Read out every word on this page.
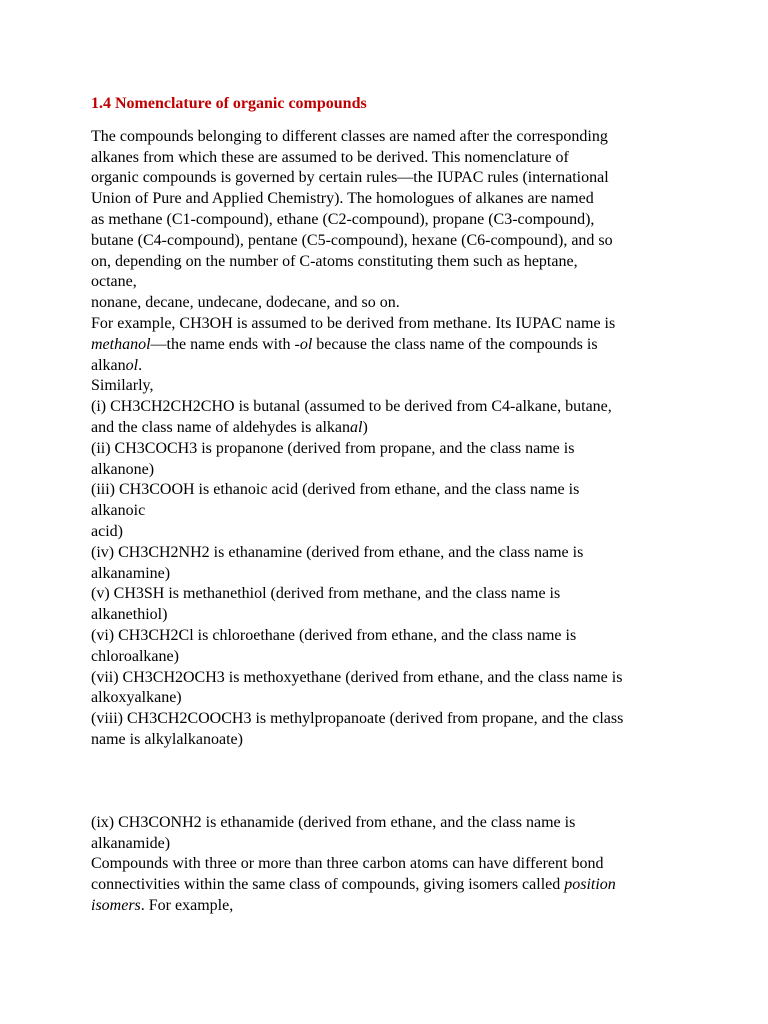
1.4 Nomenclature of organic compounds
The compounds belonging to different classes are named after the corresponding
alkanes from which these are assumed to be derived. This nomenclature of
organic compounds is governed by certain rules—the IUPAC rules (international
Union of Pure and Applied Chemistry). The homologues of alkanes are named
as methane (C1-compound), ethane (C2-compound), propane (C3-compound),
butane (C4-compound), pentane (C5-compound), hexane (C6-compound), and so
on, depending on the number of C-atoms constituting them such as heptane,
octane,
nonane, decane, undecane, dodecane, and so on.
For example, CH3OH is assumed to be derived from methane. Its IUPAC name is
methanol—the name ends with -ol because the class name of the compounds is
alkanol.
Similarly,
(i) CH3CH2CH2CHO is butanal (assumed to be derived from C4-alkane, butane,
and the class name of aldehydes is alkanal)
(ii) CH3COCH3 is propanone (derived from propane, and the class name is
alkanone)
(iii) CH3COOH is ethanoic acid (derived from ethane, and the class name is
alkanoic
acid)
(iv) CH3CH2NH2 is ethanamine (derived from ethane, and the class name is
alkanamine)
(v) CH3SH is methanethiol (derived from methane, and the class name is
alkanethiol)
(vi) CH3CH2Cl is chloroethane (derived from ethane, and the class name is
chloroalkane)
(vii) CH3CH2OCH3 is methoxyethane (derived from ethane, and the class name is
alkoxyalkane)
(viii) CH3CH2COOCH3 is methylpropanoate (derived from propane, and the class
name is alkylalkanoate)
(ix) CH3CONH2 is ethanamide (derived from ethane, and the class name is
alkanamide)
Compounds with three or more than three carbon atoms can have different bond
connectivities within the same class of compounds, giving isomers called position
isomers. For example,
